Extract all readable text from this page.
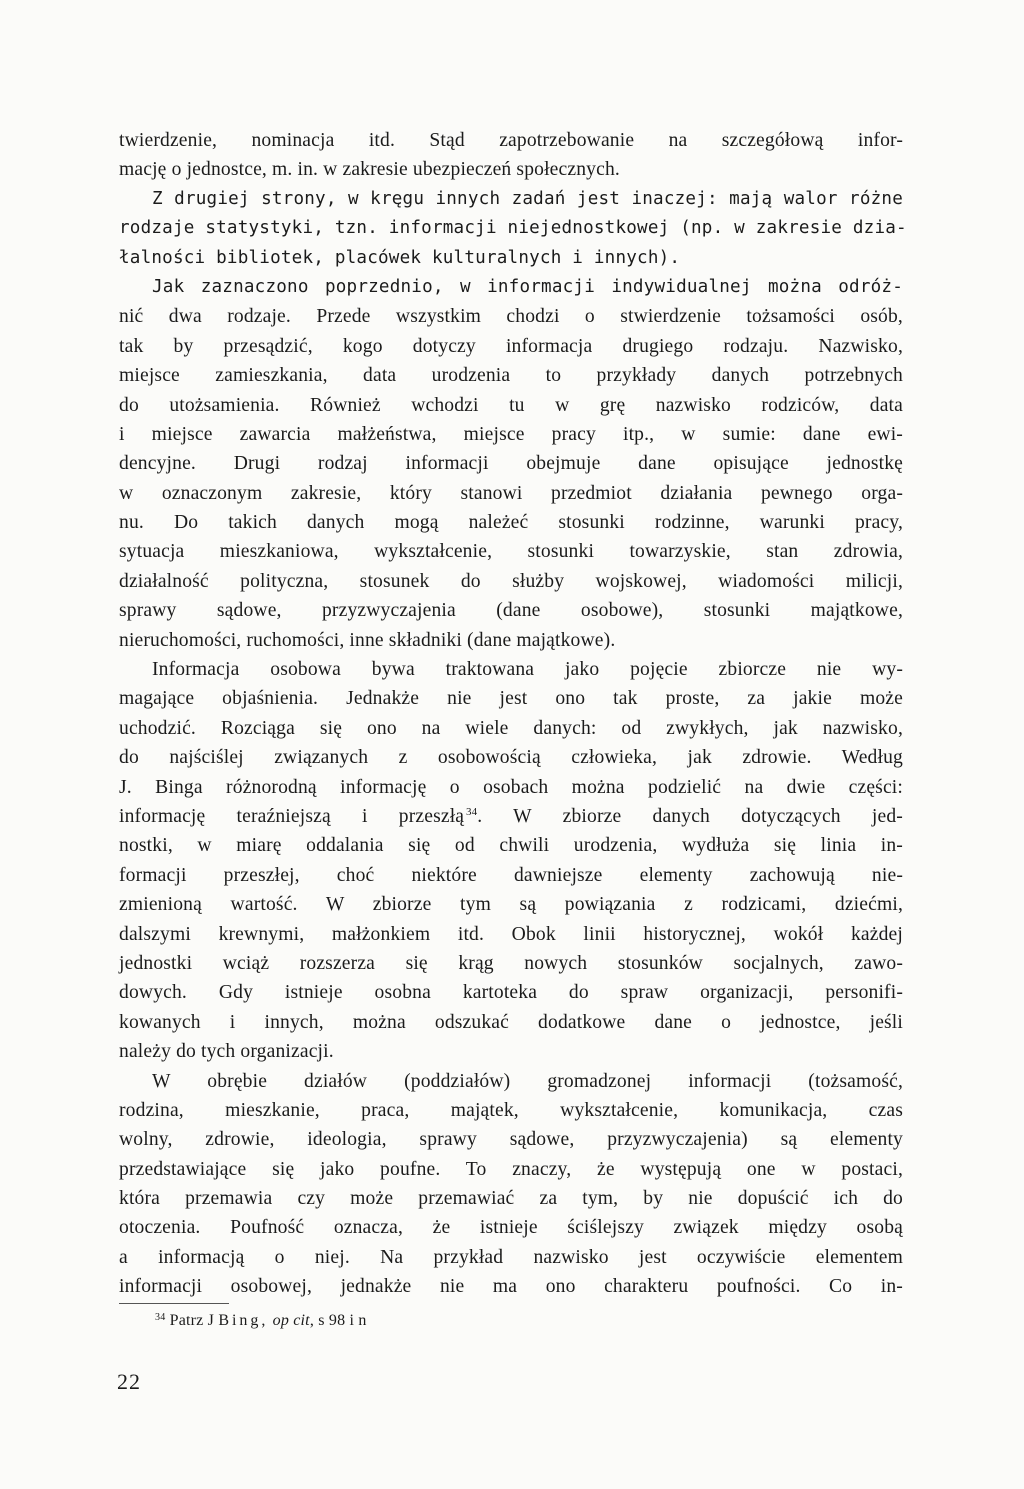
twierdzenie, nominacja itd. Stąd zapotrzebowanie na szczegółową infor-
mację o jednostce, m. in. w zakresie ubezpieczeń społecznych.
Z drugiej strony, w kręgu innych zadań jest inaczej: mają walor różne
rodzaje statystyki, tzn. informacji niejednostkowej (np. w zakresie dzia-
łalności bibliotek, placówek kulturalnych i innych).
Jak zaznaczono poprzednio, w informacji indywidualnej można odróż-
nić dwa rodzaje. Przede wszystkim chodzi o stwierdzenie tożsamości osób,
tak by przesądzić, kogo dotyczy informacja drugiego rodzaju. Nazwisko,
miejsce zamieszkania, data urodzenia to przykłady danych potrzebnych
do utożsamienia. Również wchodzi tu w grę nazwisko rodziców, data
i miejsce zawarcia małżeństwa, miejsce pracy itp., w sumie: dane ewi-
dencyjne. Drugi rodzaj informacji obejmuje dane opisujące jednostkę
w oznaczonym zakresie, który stanowi przedmiot działania pewnego orga-
nu. Do takich danych mogą należeć stosunki rodzinne, warunki pracy,
sytuacja mieszkaniowa, wykształcenie, stosunki towarzyskie, stan zdrowia,
działalność polityczna, stosunek do służby wojskowej, wiadomości milicji,
sprawy sądowe, przyzwyczajenia (dane osobowe), stosunki majątkowe,
nieruchomości, ruchomości, inne składniki (dane majątkowe).
Informacja osobowa bywa traktowana jako pojęcie zbiorcze nie wy-
magające objaśnienia. Jednakże nie jest ono tak proste, za jakie może
uchodzić. Rozciąga się ono na wiele danych: od zwykłych, jak nazwisko,
do najściślej związanych z osobowością człowieka, jak zdrowie. Według
J. Binga różnorodną informację o osobach można podzielić na dwie części:
informację teraźniejszą i przeszłą  $^{34}$. W zbiorze danych dotyczących jed-
nostki, w miarę oddalania się od chwili urodzenia, wydłuża się linia in-
formacji przeszłej, choć niektóre dawniejsze elementy zachowują nie-
zmienioną wartość. W zbiorze tym są powiązania z rodzicami, dziećmi,
dalszymi krewnymi, małżonkiem itd. Obok linii historycznej, wokół każdej
jednostki wciąż rozszerza się krąg nowych stosunków socjalnych, zawo-
dowych. Gdy istnieje osobna kartoteka do spraw organizacji, personifi-
kowanych i innych, można odszukać dodatkowe dane o jednostce, jeśli
należy do tych organizacji.
W obrębie działów (poddziałów) gromadzonej informacji (tożsamość,
rodzina, mieszkanie, praca, majątek, wykształcenie, komunikacja, czas
wolny, zdrowie, ideologia, sprawy sądowe, przyzwyczajenia) są elementy
przedstawiające się jako poufne. To znaczy, że występują one w postaci,
która przemawia czy może przemawiać za tym, by nie dopuścić ich do
otoczenia. Poufność oznacza, że istnieje ściślejszy związek między osobą
a informacją o niej. Na przykład nazwisko jest oczywiście elementem
informacji osobowej, jednakże nie ma ono charakteru poufności. Co in-
$^{34}$ Patrz J Bing, op cit, s 98 i n
22
